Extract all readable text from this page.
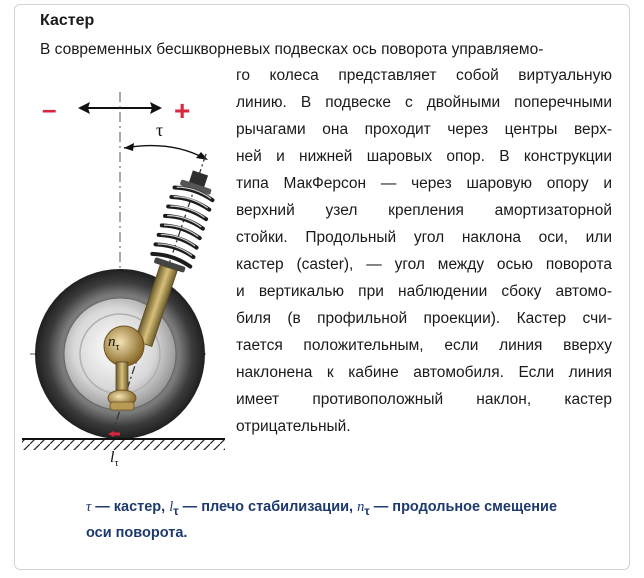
Кастер
В современных бесшкворневых подвесках ось поворота управляемо-
го колеса представляет собой виртуальную
линию. В подвеске с двойными поперечными
рычагами она проходит через центры верх-
ней и нижней шаровых опор. В конструкции
типа МакФерсон — через шаровую опору и
верхний узел крепления амортизаторной
стойки. Продольный угол наклона оси, или
кастер (caster), — угол между осью поворота
и вертикалью при наблюдении сбоку автомо-
биля (в профильной проекции). Кастер счи-
тается положительным, если линия вверху
наклонена к кабине автомобиля. Если линия
имеет противоположный наклон, кастер
отрицательный.
–	+
τ
$n_\tau$
$l_\tau$
τ — кастер, $l_\tau$ — плечо стабилизации, $n_\tau$ — продольное смещение
оси поворота.
